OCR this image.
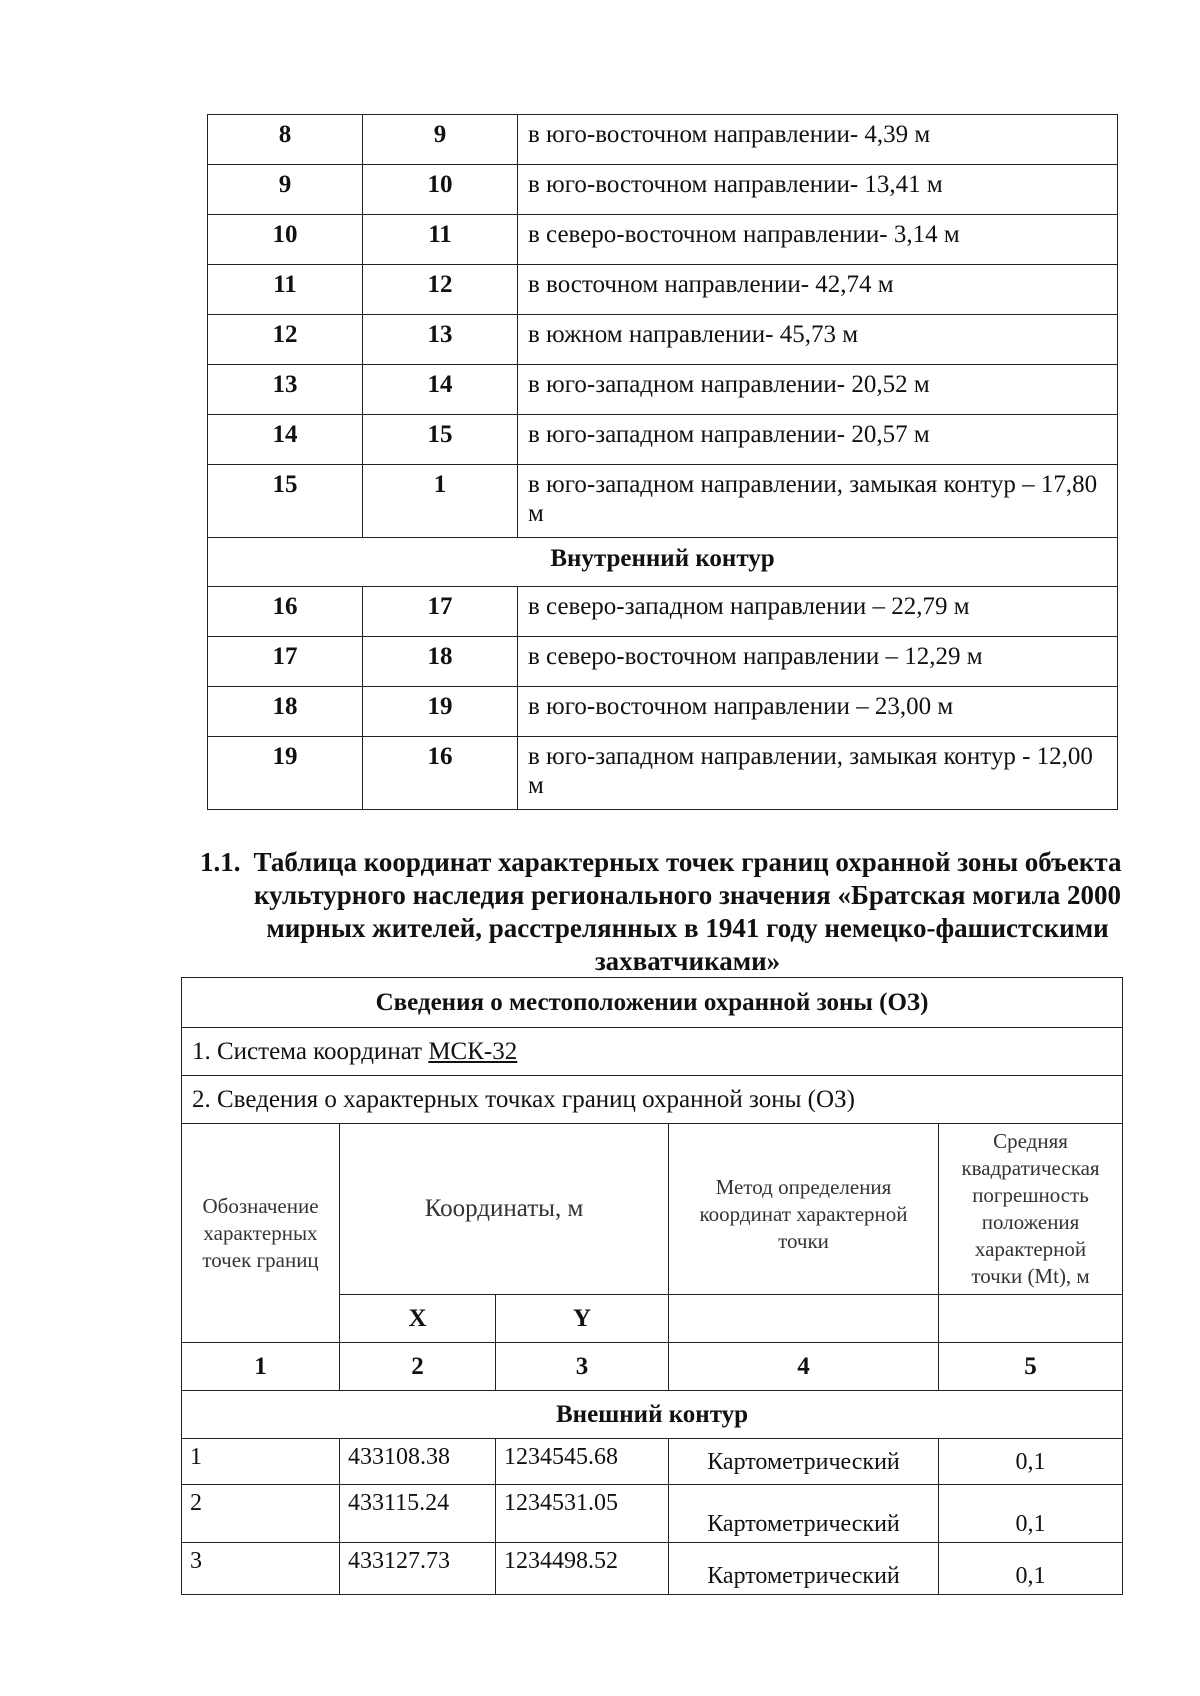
8	9	в юго-восточном направлении- 4,39 м
9	10	в юго-восточном направлении- 13,41 м
10	11	в северо-восточном направлении- 3,14 м
11	12	в восточном направлении- 42,74 м
12	13	в южном направлении- 45,73 м
13	14	в юго-западном направлении- 20,52 м
14	15	в юго-западном направлении- 20,57 м
15	1	в юго-западном направлении, замыкая контур – 17,80 м
Внутренний контур		
16	17	в северо-западном направлении – 22,79 м
17	18	в северо-восточном направлении – 12,29 м
18	19	в юго-восточном направлении – 23,00 м
19	16	в юго-западном направлении, замыкая контур - 12,00 м
1.1. Таблица координат характерных точек границ охранной зоны объекта культурного наследия регионального значения «Братская могила 2000 мирных жителей, расстрелянных в 1941 году немецко-фашистскими захватчиками»
Сведения о местоположении охранной зоны (ОЗ)				
1. Система координат МСК-32				
2. Сведения о характерных точках границ охранной зоны (ОЗ)				
Обозначение характерных точек границ	Координаты, м		Метод определения координат характерной точки	Средняя квадратическая погрешность положения характерной точки (Mt), м
	X	Y		
1	2	3	4	5
Внешний контур				
1	433108.38	1234545.68	Картометрический	0,1
2	433115.24	1234531.05	Картометрический	0,1
3	433127.73	1234498.52	Картометрический	0,1
